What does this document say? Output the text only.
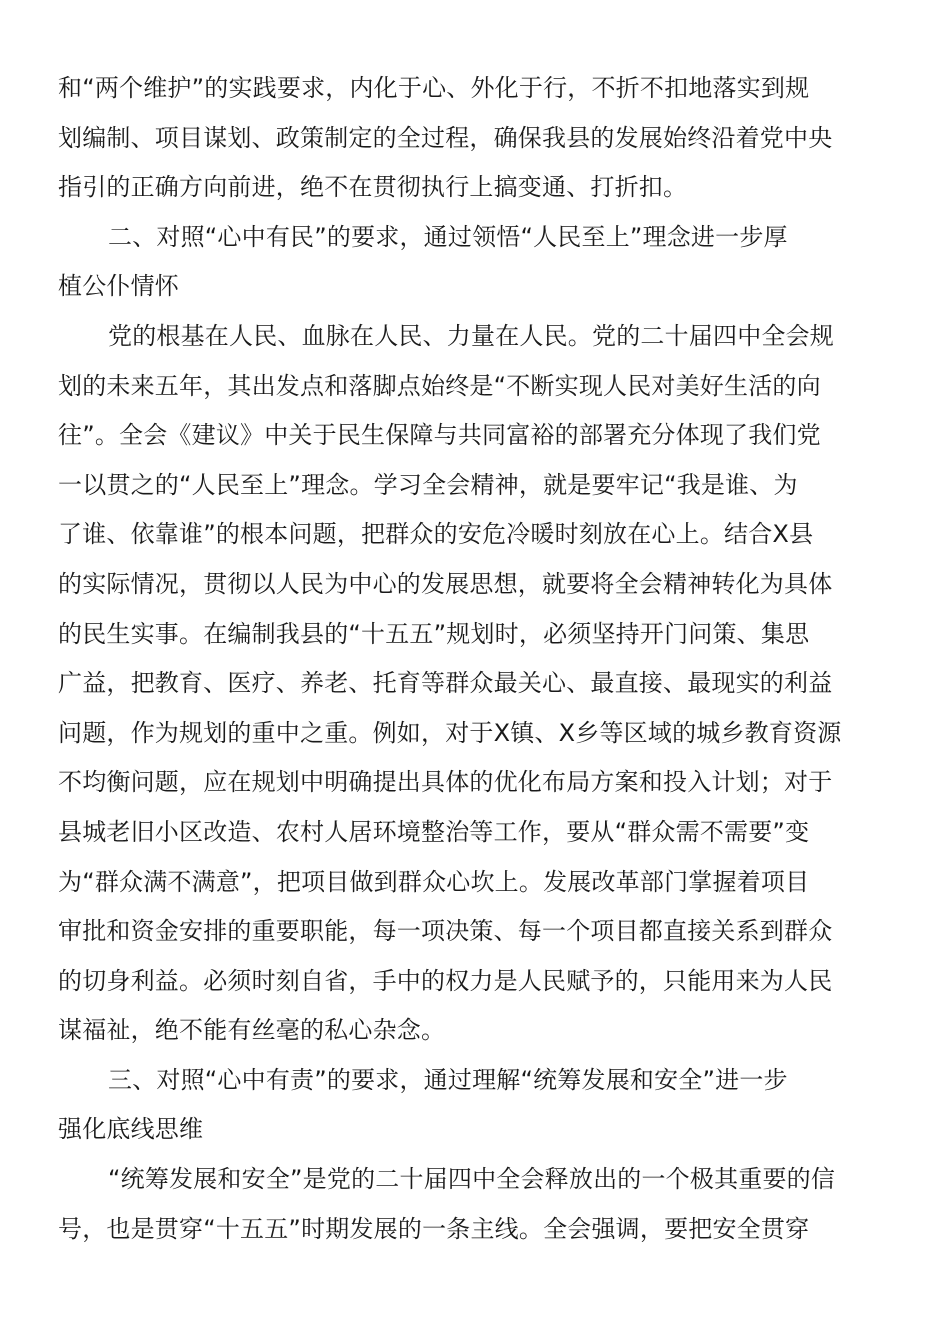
和“两个维护”的实践要求，内化于心、外化于行，不折不扣地落实到规
划编制、项目谋划、政策制定的全过程，确保我县的发展始终沿着党中央
指引的正确方向前进，绝不在贯彻执行上搞变通、打折扣。
二、对照“心中有民”的要求，通过领悟“人民至上”理念进一步厚
植公仆情怀
党的根基在人民、血脉在人民、力量在人民。党的二十届四中全会规
划的未来五年，其出发点和落脚点始终是“不断实现人民对美好生活的向
往”。全会《建议》中关于民生保障与共同富裕的部署充分体现了我们党
一以贯之的“人民至上”理念。学习全会精神，就是要牢记“我是谁、为
了谁、依靠谁”的根本问题，把群众的安危冷暖时刻放在心上。结合X县
的实际情况，贯彻以人民为中心的发展思想，就要将全会精神转化为具体
的民生实事。在编制我县的“十五五”规划时，必须坚持开门问策、集思
广益，把教育、医疗、养老、托育等群众最关心、最直接、最现实的利益
问题，作为规划的重中之重。例如，对于X镇、X乡等区域的城乡教育资源
不均衡问题，应在规划中明确提出具体的优化布局方案和投入计划；对于
县城老旧小区改造、农村人居环境整治等工作，要从“群众需不需要”变
为“群众满不满意”，把项目做到群众心坎上。发展改革部门掌握着项目
审批和资金安排的重要职能，每一项决策、每一个项目都直接关系到群众
的切身利益。必须时刻自省，手中的权力是人民赋予的，只能用来为人民
谋福祉，绝不能有丝毫的私心杂念。
三、对照“心中有责”的要求，通过理解“统筹发展和安全”进一步
强化底线思维
“统筹发展和安全”是党的二十届四中全会释放出的一个极其重要的信
号，也是贯穿“十五五”时期发展的一条主线。全会强调，要把安全贯穿
